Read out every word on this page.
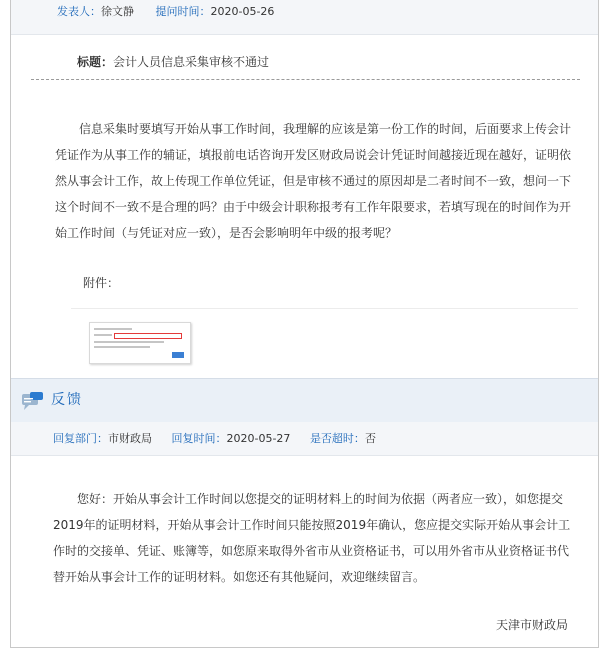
发表人：徐文静 提问时间：2020-05-26
标题：会计人员信息采集审核不通过

信息采集时要填写开始从事工作时间，我理解的应该是第一份工作的时间，后面要求上传会计凭证作为从事工作的辅证，填报前电话咨询开发区财政局说会计凭证时间越接近现在越好，证明依然从事会计工作，故上传现工作单位凭证，但是审核不通过的原因却是二者时间不一致，想问一下这个时间不一致不是合理的吗？由于中级会计职称报考有工作年限要求，若填写现在的时间作为开始工作时间（与凭证对应一致），是否会影响明年中级的报考呢？

附件：
反馈
回复部门：市财政局 回复时间：2020-05-27 是否超时：否

您好：开始从事会计工作时间以您提交的证明材料上的时间为依据（两者应一致），如您提交2019年的证明材料，开始从事会计工作时间只能按照2019年确认，您应提交实际开始从事会计工作时的交接单、凭证、账簿等，如您原来取得外省市从业资格证书，可以用外省市从业资格证书代替开始从事会计工作的证明材料。如您还有其他疑问，欢迎继续留言。

天津市财政局
